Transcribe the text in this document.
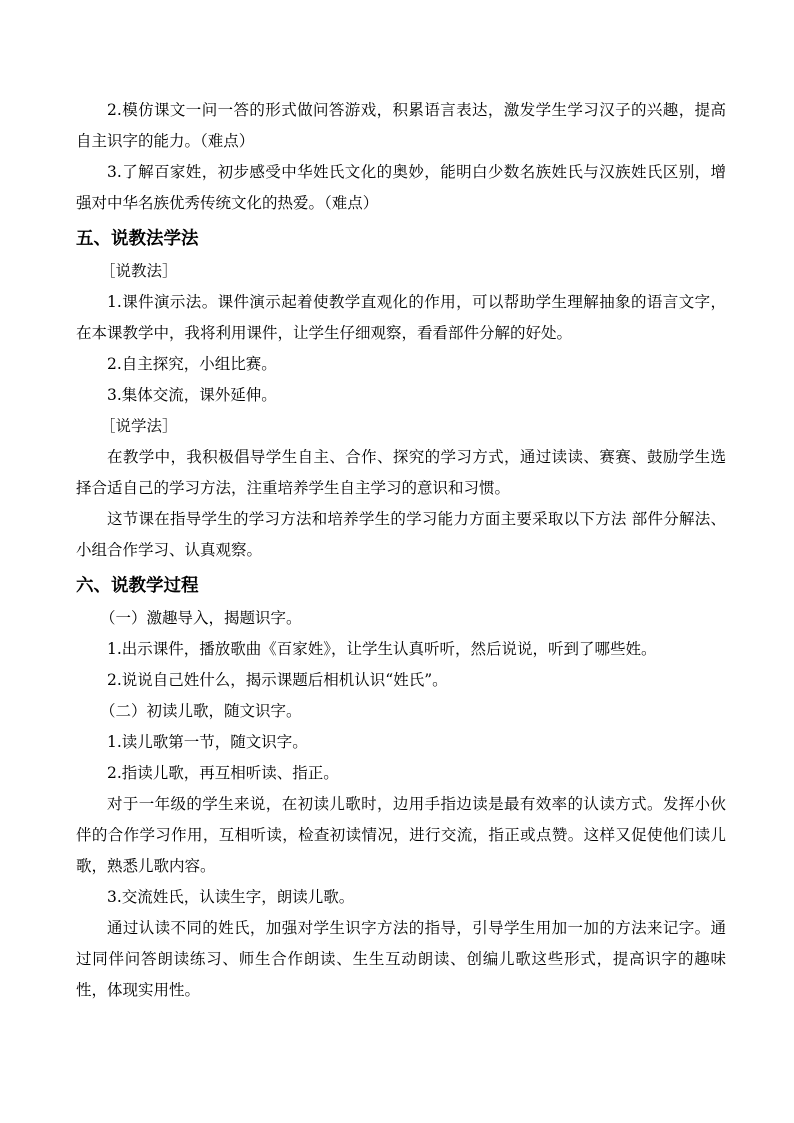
2.模仿课文一问一答的形式做问答游戏，积累语言表达，激发学生学习汉子的兴趣，提高自主识字的能力。（难点）

3.了解百家姓，初步感受中华姓氏文化的奥妙，能明白少数名族姓氏与汉族姓氏区别，增强对中华名族优秀传统文化的热爱。（难点）

五、说教法学法

［说教法］

1.课件演示法。课件演示起着使教学直观化的作用，可以帮助学生理解抽象的语言文字，在本课教学中，我将利用课件，让学生仔细观察，看看部件分解的好处。

2.自主探究，小组比赛。

3.集体交流，课外延伸。

［说学法］

在教学中，我积极倡导学生自主、合作、探究的学习方式，通过读读、赛赛、鼓励学生选择合适自己的学习方法，注重培养学生自主学习的意识和习惯。

这节课在指导学生的学习方法和培养学生的学习能力方面主要采取以下方法 部件分解法、小组合作学习、认真观察。

六、说教学过程

（一）激趣导入，揭题识字。

1.出示课件，播放歌曲《百家姓》，让学生认真听听，然后说说，听到了哪些姓。

2.说说自己姓什么，揭示课题后相机认识“姓氏”。

（二）初读儿歌，随文识字。

1.读儿歌第一节，随文识字。

2.指读儿歌，再互相听读、指正。

对于一年级的学生来说，在初读儿歌时，边用手指边读是最有效率的认读方式。发挥小伙伴的合作学习作用，互相听读，检查初读情况，进行交流，指正或点赞。这样又促使他们读儿歌，熟悉儿歌内容。

3.交流姓氏，认读生字，朗读儿歌。

通过认读不同的姓氏，加强对学生识字方法的指导，引导学生用加一加的方法来记字。通过同伴问答朗读练习、师生合作朗读、生生互动朗读、创编儿歌这些形式，提高识字的趣味性，体现实用性。
